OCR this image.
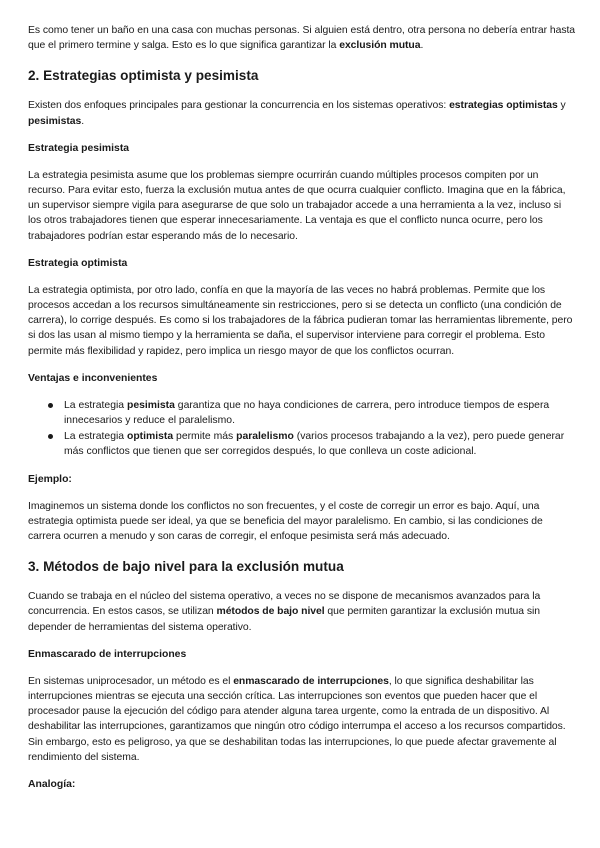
Es como tener un baño en una casa con muchas personas. Si alguien está dentro, otra persona no debería entrar hasta que el primero termine y salga. Esto es lo que significa garantizar la exclusión mutua.

2. Estrategias optimista y pesimista

Existen dos enfoques principales para gestionar la concurrencia en los sistemas operativos: estrategias optimistas y pesimistas.

Estrategia pesimista

La estrategia pesimista asume que los problemas siempre ocurrirán cuando múltiples procesos compiten por un recurso. Para evitar esto, fuerza la exclusión mutua antes de que ocurra cualquier conflicto. Imagina que en la fábrica, un supervisor siempre vigila para asegurarse de que solo un trabajador accede a una herramienta a la vez, incluso si los otros trabajadores tienen que esperar innecesariamente. La ventaja es que el conflicto nunca ocurre, pero los trabajadores podrían estar esperando más de lo necesario.

Estrategia optimista

La estrategia optimista, por otro lado, confía en que la mayoría de las veces no habrá problemas. Permite que los procesos accedan a los recursos simultáneamente sin restricciones, pero si se detecta un conflicto (una condición de carrera), lo corrige después. Es como si los trabajadores de la fábrica pudieran tomar las herramientas libremente, pero si dos las usan al mismo tiempo y la herramienta se daña, el supervisor interviene para corregir el problema. Esto permite más flexibilidad y rapidez, pero implica un riesgo mayor de que los conflictos ocurran.

Ventajas e inconvenientes
La estrategia pesimista garantiza que no haya condiciones de carrera, pero introduce tiempos de espera innecesarios y reduce el paralelismo.
La estrategia optimista permite más paralelismo (varios procesos trabajando a la vez), pero puede generar más conflictos que tienen que ser corregidos después, lo que conlleva un coste adicional.
Ejemplo:

Imaginemos un sistema donde los conflictos no son frecuentes, y el coste de corregir un error es bajo. Aquí, una estrategia optimista puede ser ideal, ya que se beneficia del mayor paralelismo. En cambio, si las condiciones de carrera ocurren a menudo y son caras de corregir, el enfoque pesimista será más adecuado.

3. Métodos de bajo nivel para la exclusión mutua

Cuando se trabaja en el núcleo del sistema operativo, a veces no se dispone de mecanismos avanzados para la concurrencia. En estos casos, se utilizan métodos de bajo nivel que permiten garantizar la exclusión mutua sin depender de herramientas del sistema operativo.

Enmascarado de interrupciones

En sistemas uniprocesador, un método es el enmascarado de interrupciones, lo que significa deshabilitar las interrupciones mientras se ejecuta una sección crítica. Las interrupciones son eventos que pueden hacer que el procesador pause la ejecución del código para atender alguna tarea urgente, como la entrada de un dispositivo. Al deshabilitar las interrupciones, garantizamos que ningún otro código interrumpa el acceso a los recursos compartidos. Sin embargo, esto es peligroso, ya que se deshabilitan todas las interrupciones, lo que puede afectar gravemente al rendimiento del sistema.

Analogía:
